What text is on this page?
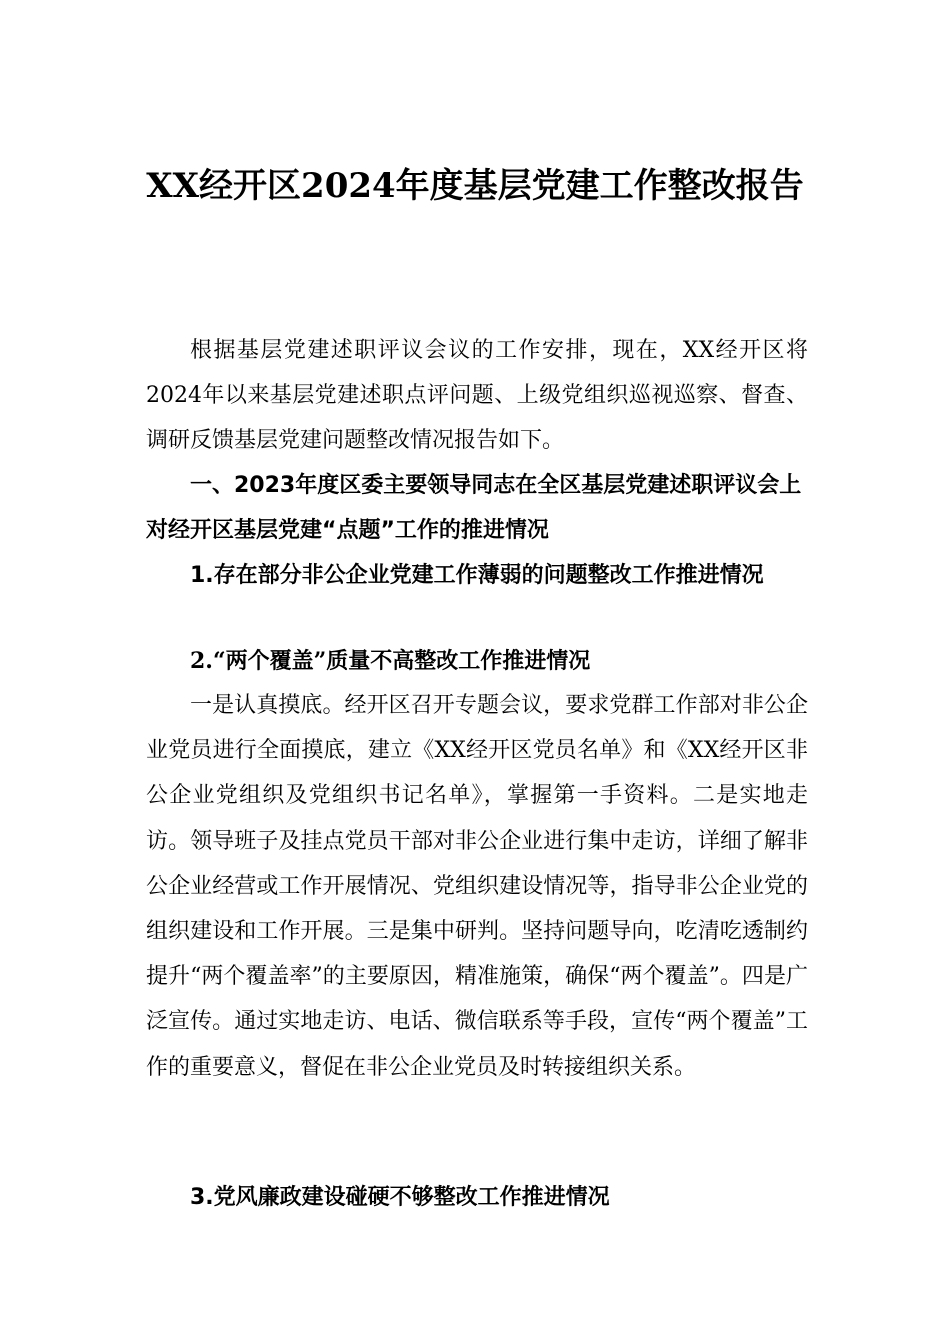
XX经开区2024年度基层党建工作整改报告

根据基层党建述职评议会议的工作安排，现在，XX经开区将2024年以来基层党建述职点评问题、上级党组织巡视巡察、督查、调研反馈基层党建问题整改情况报告如下。

一、2023年度区委主要领导同志在全区基层党建述职评议会上对经开区基层党建“点题”工作的推进情况

1.存在部分非公企业党建工作薄弱的问题整改工作推进情况

2.“两个覆盖”质量不高整改工作推进情况

一是认真摸底。经开区召开专题会议，要求党群工作部对非公企业党员进行全面摸底，建立《XX经开区党员名单》和《XX经开区非公企业党组织及党组织书记名单》，掌握第一手资料。二是实地走访。领导班子及挂点党员干部对非公企业进行集中走访，详细了解非公企业经营或工作开展情况、党组织建设情况等，指导非公企业党的组织建设和工作开展。三是集中研判。坚持问题导向，吃清吃透制约提升“两个覆盖率”的主要原因，精准施策，确保“两个覆盖”。四是广泛宣传。通过实地走访、电话、微信联系等手段，宣传“两个覆盖”工作的重要意义，督促在非公企业党员及时转接组织关系。

3.党风廉政建设碰硬不够整改工作推进情况
